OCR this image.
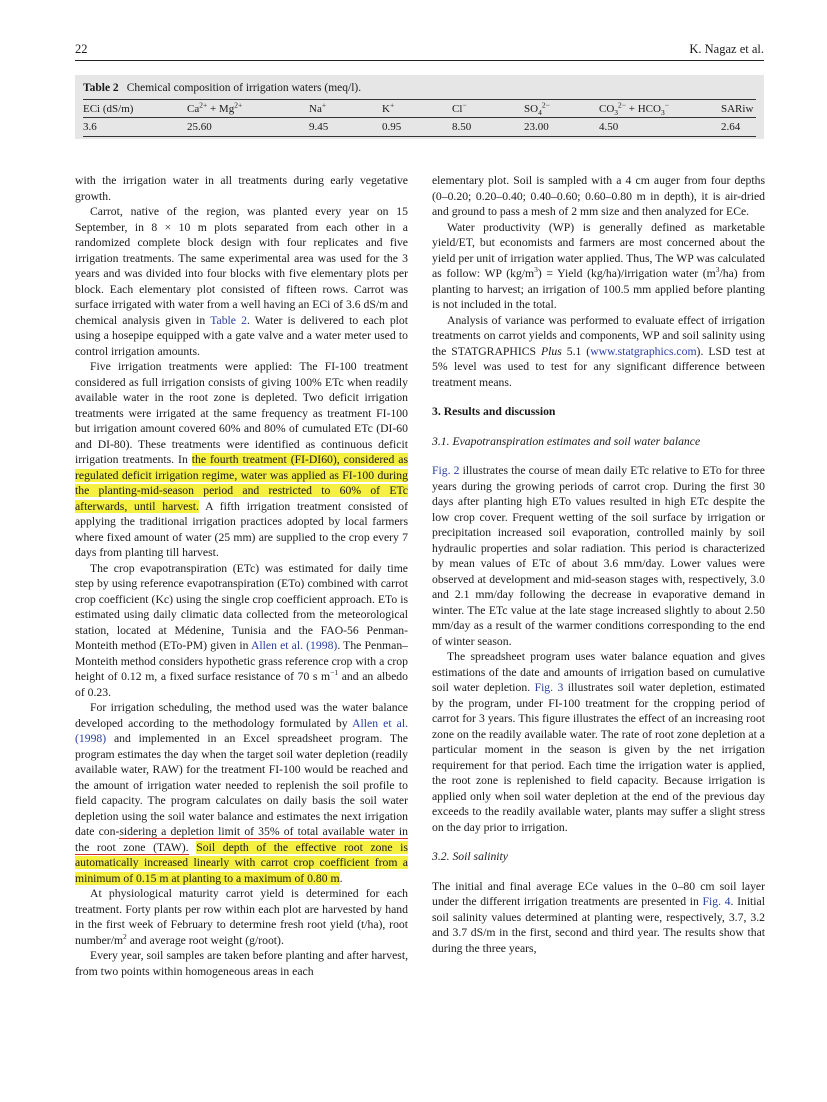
22	K. Nagaz et al.
Table 2 Chemical composition of irrigation waters (meq/l).
ECi (dS/m)	$Ca^{2+} + Mg^{2+}$	Na+	K+	Cl−	$SO_4^{2-}$	$CO_3^{2-} + HCO_3^-$	SARiw
3.6	25.60	9.45	0.95	8.50	23.00	4.50	2.64

with the irrigation water in all treatments during early vegetative growth.

Carrot, native of the region, was planted every year on 15 September, in 8 × 10 m plots separated from each other in a randomized complete block design with four replicates and five irrigation treatments. The same experimental area was used for the 3 years and was divided into four blocks with five elementary plots per block. Each elementary plot consisted of fifteen rows. Carrot was surface irrigated with water from a well having an ECi of 3.6 dS/m and chemical analysis given in Table 2. Water is delivered to each plot using a hosepipe equipped with a gate valve and a water meter used to control irrigation amounts.

Five irrigation treatments were applied: The FI-100 treatment considered as full irrigation consists of giving 100% ETc when readily available water in the root zone is depleted. Two deficit irrigation treatments were irrigated at the same frequency as treatment FI-100 but irrigation amount covered 60% and 80% of cumulated ETc (DI-60 and DI-80). These treatments were identified as continuous deficit irrigation treatments. In the fourth treatment (FI-DI60), considered as regulated deficit irrigation regime, water was applied as FI-100 during the planting-mid-season period and restricted to 60% of ETc afterwards, until harvest. A fifth irrigation treatment consisted of applying the traditional irrigation practices adopted by local farmers where fixed amount of water (25 mm) are supplied to the crop every 7 days from planting till harvest.

The crop evapotranspiration (ETc) was estimated for daily time step by using reference evapotranspiration (ETo) combined with carrot crop coefficient (Kc) using the single crop coefficient approach. ETo is estimated using daily climatic data collected from the meteorological station, located at Médenine, Tunisia and the FAO-56 Penman-Monteith method (ETo-PM) given in Allen et al. (1998). The Penman–Monteith method considers hypothetic grass reference crop with a crop height of 0.12 m, a fixed surface resistance of 70 s $m^{-1}$ and an albedo of 0.23.

For irrigation scheduling, the method used was the water balance developed according to the methodology formulated by Allen et al. (1998) and implemented in an Excel spreadsheet program. The program estimates the day when the target soil water depletion (readily available water, RAW) for the treatment FI-100 would be reached and the amount of irrigation water needed to replenish the soil profile to field capacity. The program calculates on daily basis the soil water depletion using the soil water balance and estimates the next irrigation date con-sidering a depletion limit of 35% of total available water in the root zone (TAW). Soil depth of the effective root zone is automatically increased linearly with carrot crop coefficient from a minimum of 0.15 m at planting to a maximum of 0.80 m.

At physiological maturity carrot yield is determined for each treatment. Forty plants per row within each plot are harvested by hand in the first week of February to determine fresh root yield (t/ha), root number/$m^2$ and average root weight (g/root).

Every year, soil samples are taken before planting and after harvest, from two points within homogeneous areas in each

elementary plot. Soil is sampled with a 4 cm auger from four depths (0–0.20; 0.20–0.40; 0.40–0.60; 0.60–0.80 m in depth), it is air-dried and ground to pass a mesh of 2 mm size and then analyzed for ECe.

Water productivity (WP) is generally defined as marketable yield/ET, but economists and farmers are most concerned about the yield per unit of irrigation water applied. Thus, The WP was calculated as follow: WP $(kg/m^3)$ = Yield (kg/ha)/irrigation water $(m^3/ha)$ from planting to harvest; an irrigation of 100.5 mm applied before planting is not included in the total.

Analysis of variance was performed to evaluate effect of irrigation treatments on carrot yields and components, WP and soil salinity using the STATGRAPHICS Plus 5.1 (www.statgraphics.com). LSD test at 5% level was used to test for any significant difference between treatment means.

3. Results and discussion

3.1. Evapotranspiration estimates and soil water balance

Fig. 2 illustrates the course of mean daily ETc relative to ETo for three years during the growing periods of carrot crop. During the first 30 days after planting high ETo values resulted in high ETc despite the low crop cover. Frequent wetting of the soil surface by irrigation or precipitation increased soil evaporation, controlled mainly by soil hydraulic properties and solar radiation. This period is characterized by mean values of ETc of about 3.6 mm/day. Lower values were observed at development and mid-season stages with, respectively, 3.0 and 2.1 mm/day following the decrease in evaporative demand in winter. The ETc value at the late stage increased slightly to about 2.50 mm/day as a result of the warmer conditions corresponding to the end of winter season.

The spreadsheet program uses water balance equation and gives estimations of the date and amounts of irrigation based on cumulative soil water depletion. Fig. 3 illustrates soil water depletion, estimated by the program, under FI-100 treatment for the cropping period of carrot for 3 years. This figure illustrates the effect of an increasing root zone on the readily available water. The rate of root zone depletion at a particular moment in the season is given by the net irrigation requirement for that period. Each time the irrigation water is applied, the root zone is replenished to field capacity. Because irrigation is applied only when soil water depletion at the end of the previous day exceeds to the readily available water, plants may suffer a slight stress on the day prior to irrigation.

3.2. Soil salinity

The initial and final average ECe values in the 0–80 cm soil layer under the different irrigation treatments are presented in Fig. 4. Initial soil salinity values determined at planting were, respectively, 3.7, 3.2 and 3.7 dS/m in the first, second and third year. The results show that during the three years,
